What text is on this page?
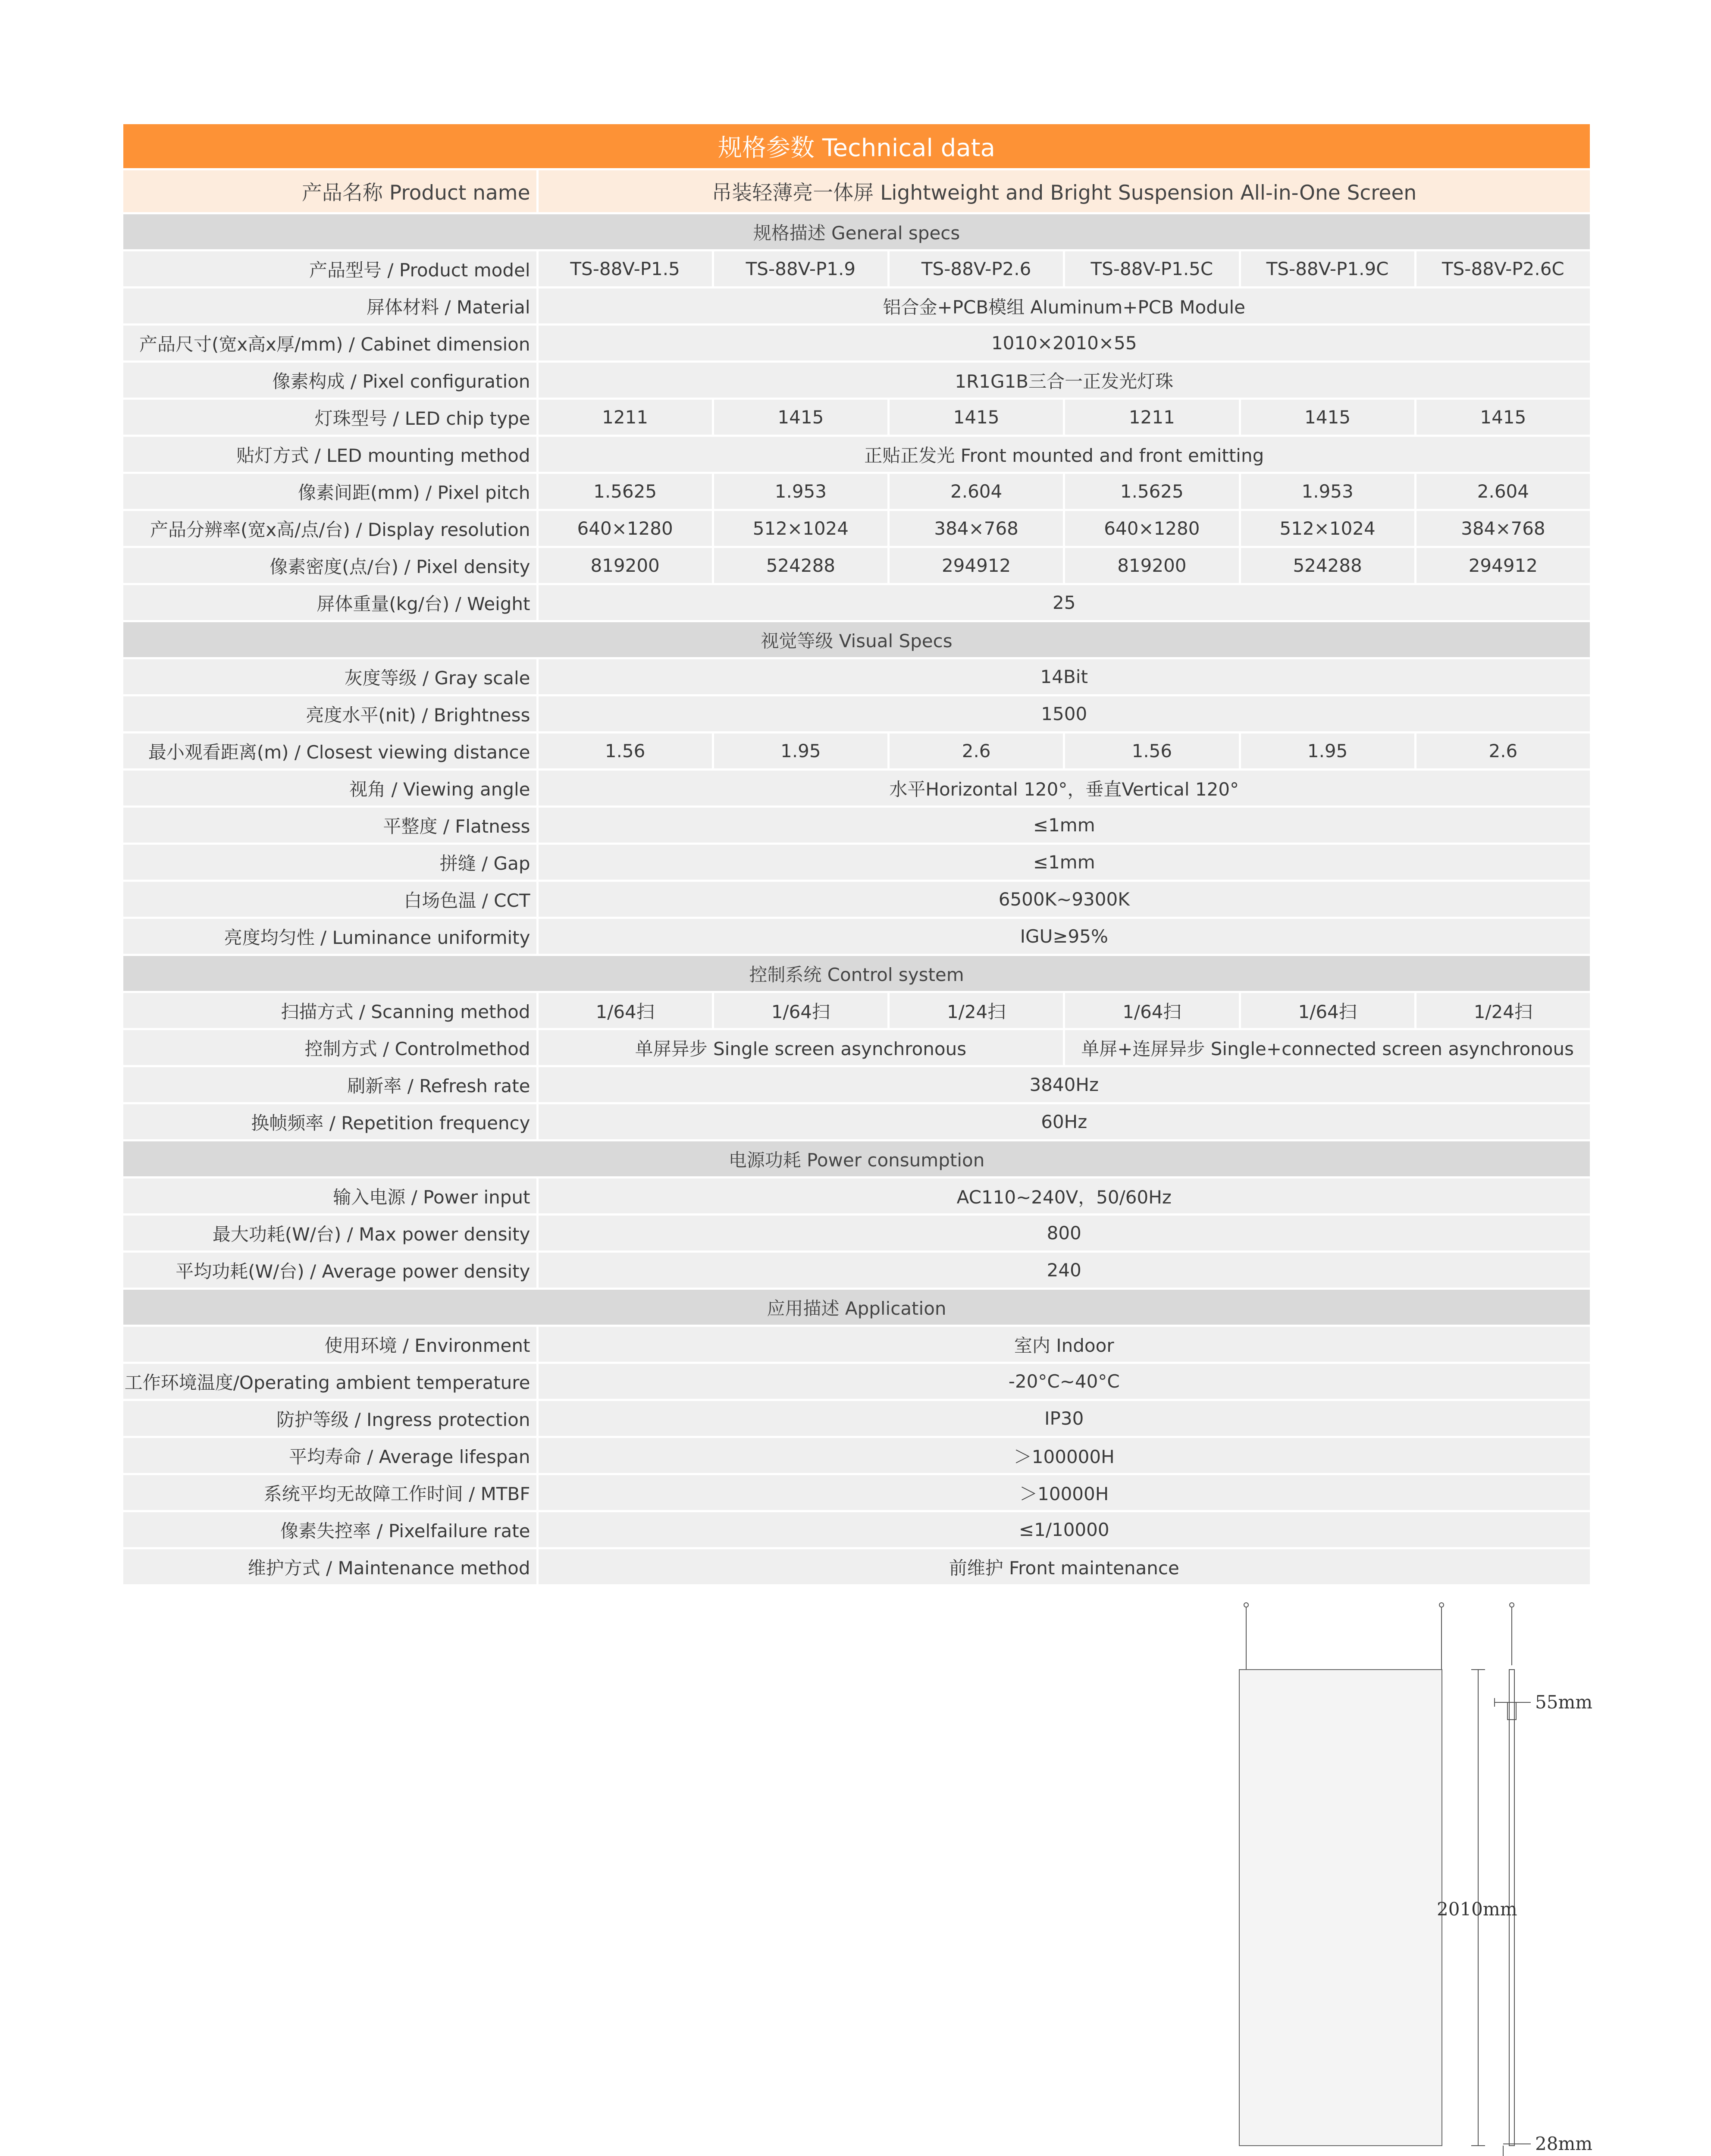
规格参数 Technical data						
产品名称 Product name	吊装轻薄亮一体屏 Lightweight and Bright Suspension All-in-One Screen					
规格描述 General specs						
产品型号 / Product model	TS-88V-P1.5	TS-88V-P1.9	TS-88V-P2.6	TS-88V-P1.5C	TS-88V-P1.9C	TS-88V-P2.6C
屏体材料 / Material	铝合金+PCB模组 Aluminum+PCB Module					
产品尺寸(宽x高x厚/mm) / Cabinet dimension	1010×2010×55					
像素构成 / Pixel configuration	1R1G1B三合一正发光灯珠					
灯珠型号 / LED chip type	1211	1415	1415	1211	1415	1415
贴灯方式 / LED mounting method	正贴正发光 Front mounted and front emitting					
像素间距(mm) / Pixel pitch	1.5625	1.953	2.604	1.5625	1.953	2.604
产品分辨率(宽x高/点/台) / Display resolution	640×1280	512×1024	384×768	640×1280	512×1024	384×768
像素密度(点/台) / Pixel density	819200	524288	294912	819200	524288	294912
屏体重量(kg/台) / Weight	25					
视觉等级 Visual Specs						
灰度等级 / Gray scale	14Bit					
亮度水平(nit) / Brightness	1500					
最小观看距离(m) / Closest viewing distance	1.56	1.95	2.6	1.56	1.95	2.6
视角 / Viewing angle	水平Horizontal 120°，垂直Vertical 120°					
平整度 / Flatness	≤1mm					
拼缝 / Gap	≤1mm					
白场色温 / CCT	6500K~9300K					
亮度均匀性 / Luminance uniformity	IGU≥95%					
控制系统 Control system						
扫描方式 / Scanning method	1/64扫	1/64扫	1/24扫	1/64扫	1/64扫	1/24扫
控制方式 / Controlmethod	单屏异步 Single screen asynchronous			单屏+连屏异步 Single+connected screen asynchronous		
刷新率 / Refresh rate	3840Hz					
换帧频率 / Repetition frequency	60Hz					
电源功耗 Power consumption						
输入电源 / Power input	AC110~240V，50/60Hz					
最大功耗(W/台) / Max power density	800					
平均功耗(W/台) / Average power density	240					
应用描述 Application						
使用环境 / Environment	室内 Indoor					
工作环境温度/Operating ambient temperature	-20°C~40°C					
防护等级 / Ingress protection	IP30					
平均寿命 / Average lifespan	＞100000H					
系统平均无故障工作时间 / MTBF	＞10000H					
像素失控率 / Pixelfailure rate	≤1/10000					
维护方式 / Maintenance method	前维护 Front maintenance					
55mm
2010mm
28mm
